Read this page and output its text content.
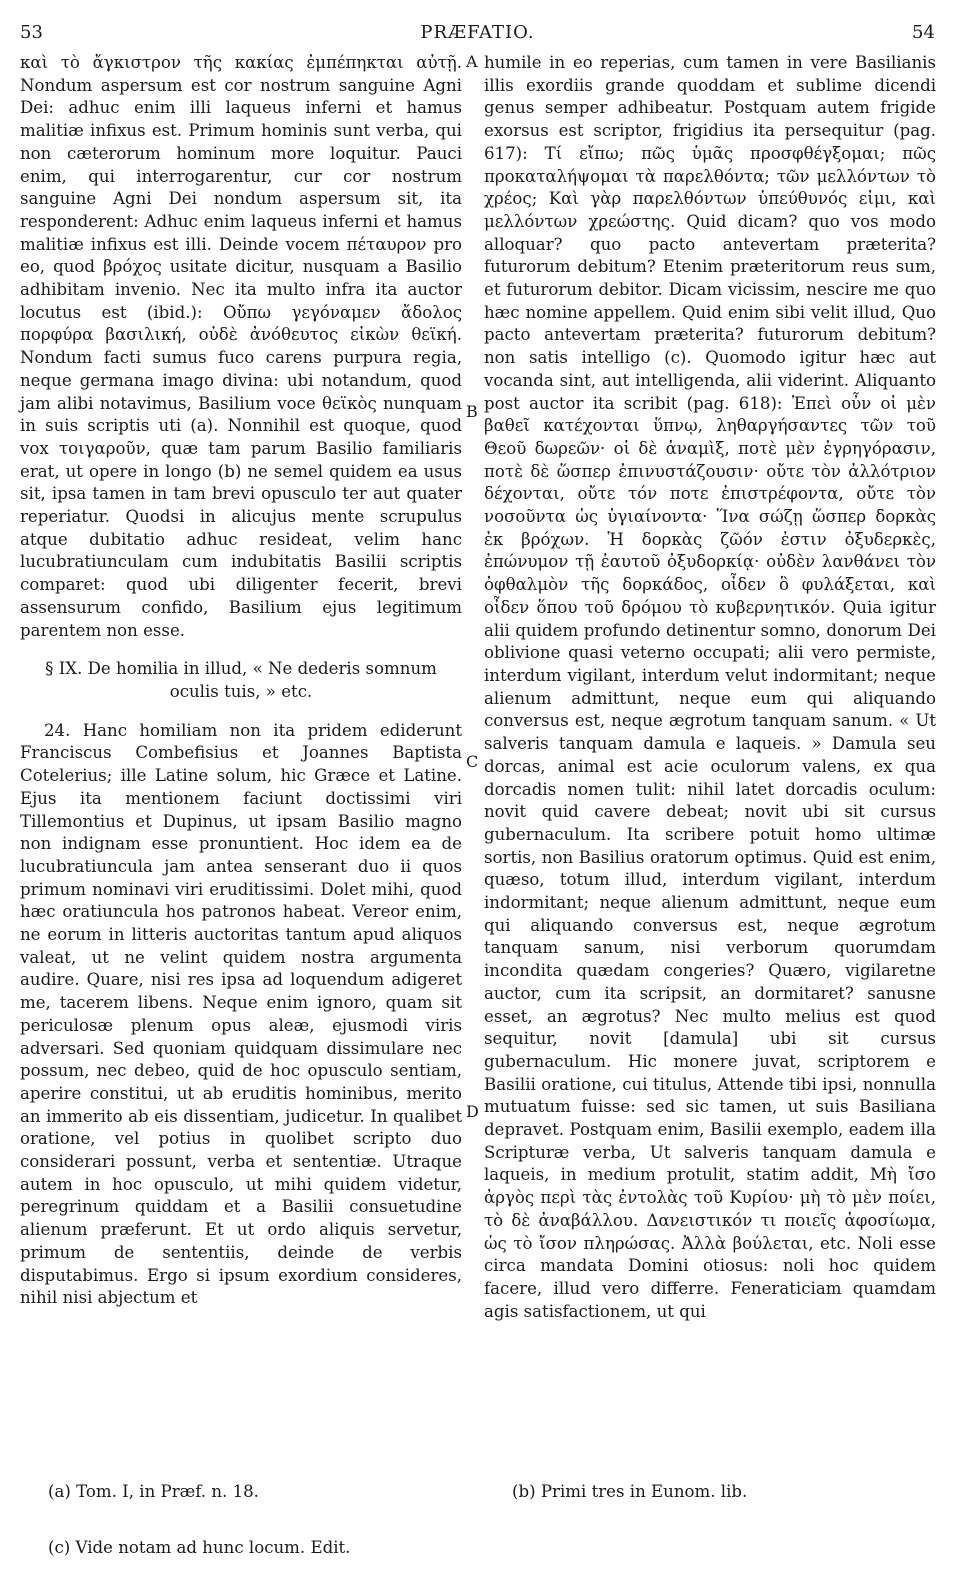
53	PRÆFATIO.	54
A
B
C
D

καὶ τὸ ἄγκιστρον τῆς κακίας ἐμπέπηκται αὐτῇ. Nondum aspersum est cor nostrum sanguine Agni Dei: adhuc enim illi laqueus inferni et hamus malitiæ infixus est. Primum hominis sunt verba, qui non cæterorum hominum more loquitur. Pauci enim, qui interrogarentur, cur cor nostrum sanguine Agni Dei nondum aspersum sit, ita responderent: Adhuc enim laqueus inferni et hamus malitiæ infixus est illi. Deinde vocem πέταυρον pro eo, quod βρόχος usitate dicitur, nusquam a Basilio adhibitam invenio. Nec ita multo infra ita auctor locutus est (ibid.): Οὔπω γεγόναμεν ἄδολος πορφύρα βασιλική, οὐδὲ ἀνόθευτος εἰκὼν θεϊκή. Nondum facti sumus fuco carens purpura regia, neque germana imago divina: ubi notandum, quod jam alibi notavimus, Basilium voce θεϊκὸς nunquam in suis scriptis uti (a). Nonnihil est quoque, quod vox τοιγαροῦν, quæ tam parum Basilio familiaris erat, ut opere in longo (b) ne semel quidem ea usus sit, ipsa tamen in tam brevi opusculo ter aut quater reperiatur. Quodsi in alicujus mente scrupulus atque dubitatio adhuc resideat, velim hanc lucubratiunculam cum indubitatis Basilii scriptis comparet: quod ubi diligenter fecerit, brevi assensurum confido, Basilium ejus legitimum parentem non esse.

§ IX. De homilia in illud, « Ne dederis somnum oculis tuis, » etc.

24. Hanc homiliam non ita pridem ediderunt Franciscus Combefisius et Joannes Baptista Cotelerius; ille Latine solum, hic Græce et Latine. Ejus ita mentionem faciunt doctissimi viri Tillemontius et Dupinus, ut ipsam Basilio magno non indignam esse pronuntient. Hoc idem ea de lucubratiuncula jam antea senserant duo ii quos primum nominavi viri eruditissimi. Dolet mihi, quod hæc oratiuncula hos patronos habeat. Vereor enim, ne eorum in litteris auctoritas tantum apud aliquos valeat, ut ne velint quidem nostra argumenta audire. Quare, nisi res ipsa ad loquendum adigeret me, tacerem libens. Neque enim ignoro, quam sit periculosæ plenum opus aleæ, ejusmodi viris adversari. Sed quoniam quidquam dissimulare nec possum, nec debeo, quid de hoc opusculo sentiam, aperire constitui, ut ab eruditis hominibus, merito an immerito ab eis dissentiam, judicetur. In qualibet oratione, vel potius in quolibet scripto duo considerari possunt, verba et sententiæ. Utraque autem in hoc opusculo, ut mihi quidem videtur, peregrinum quiddam et a Basilii consuetudine alienum præferunt. Et ut ordo aliquis servetur, primum de sententiis, deinde de verbis disputabimus. Ergo si ipsum exordium consideres, nihil nisi abjectum et

humile in eo reperias, cum tamen in vere Basilianis illis exordiis grande quoddam et sublime dicendi genus semper adhibeatur. Postquam autem frigide exorsus est scriptor, frigidius ita persequitur (pag. 617): Τί εἴπω; πῶς ὑμᾶς προσφθέγξομαι; πῶς προκαταλήψομαι τὰ παρελθόντα; τῶν μελλόντων τὸ χρέος; Καὶ γὰρ παρελθόντων ὑπεύθυνός εἰμι, καὶ μελλόντων χρεώστης. Quid dicam? quo vos modo alloquar? quo pacto antevertam præterita? futurorum debitum? Etenim præteritorum reus sum, et futurorum debitor. Dicam vicissim, nescire me quo hæc nomine appellem. Quid enim sibi velit illud, Quo pacto antevertam præterita? futurorum debitum? non satis intelligo (c). Quomodo igitur hæc aut vocanda sint, aut intelligenda, alii viderint. Aliquanto post auctor ita scribit (pag. 618): Ἐπεὶ οὖν οἱ μὲν βαθεῖ κατέχονται ὕπνῳ, ληθαργήσαντες τῶν τοῦ Θεοῦ δωρεῶν· οἱ δὲ ἀναμὶξ, ποτὲ μὲν ἐγρηγόρασιν, ποτὲ δὲ ὥσπερ ἐπινυστάζουσιν· οὔτε τὸν ἀλλότριον δέχονται, οὔτε τόν ποτε ἐπιστρέφοντα, οὔτε τὸν νοσοῦντα ὡς ὑγιαίνοντα· Ἵνα σώζῃ ὥσπερ δορκὰς ἐκ βρόχων. Ἡ δορκὰς ζῶόν ἐστιν ὀξυδερκὲς, ἐπώνυμον τῇ ἑαυτοῦ ὀξυδορκίᾳ· οὐδὲν λανθάνει τὸν ὀφθαλμὸν τῆς δορκάδος, οἶδεν ὃ φυλάξεται, καὶ οἶδεν ὅπου τοῦ δρόμου τὸ κυβερνητικόν. Quia igitur alii quidem profundo detinentur somno, donorum Dei oblivione quasi veterno occupati; alii vero permiste, interdum vigilant, interdum velut indormitant; neque alienum admittunt, neque eum qui aliquando conversus est, neque ægrotum tanquam sanum. « Ut salveris tanquam damula e laqueis. » Damula seu dorcas, animal est acie oculorum valens, ex qua dorcadis nomen tulit: nihil latet dorcadis oculum: novit quid cavere debeat; novit ubi sit cursus gubernaculum. Ita scribere potuit homo ultimæ sortis, non Basilius oratorum optimus. Quid est enim, quæso, totum illud, interdum vigilant, interdum indormitant; neque alienum admittunt, neque eum qui aliquando conversus est, neque ægrotum tanquam sanum, nisi verborum quorumdam incondita quædam congeries? Quæro, vigilaretne auctor, cum ita scripsit, an dormitaret? sanusne esset, an ægrotus? Nec multo melius est quod sequitur, novit [damula] ubi sit cursus gubernaculum. Hic monere juvat, scriptorem e Basilii oratione, cui titulus, Attende tibi ipsi, nonnulla mutuatum fuisse: sed sic tamen, ut suis Basiliana depravet. Postquam enim, Basilii exemplo, eadem illa Scripturæ verba, Ut salveris tanquam damula e laqueis, in medium protulit, statim addit, Μὴ ἴσο ἀργὸς περὶ τὰς ἐντολὰς τοῦ Κυρίου· μὴ τὸ μὲν ποίει, τὸ δὲ ἀναβάλλου. Δανειστικόν τι ποιεῖς ἀφοσίωμα, ὡς τὸ ἴσον πληρώσας. Ἀλλὰ βούλεται, etc. Noli esse circa mandata Domini otiosus: noli hoc quidem facere, illud vero differre. Feneraticiam quamdam agis satisfactionem, ut qui

(a) Tom. I, in Præf. n. 18.	(b) Primi tres in Eunom. lib.
(c) Vide notam ad hunc locum. Edit.
